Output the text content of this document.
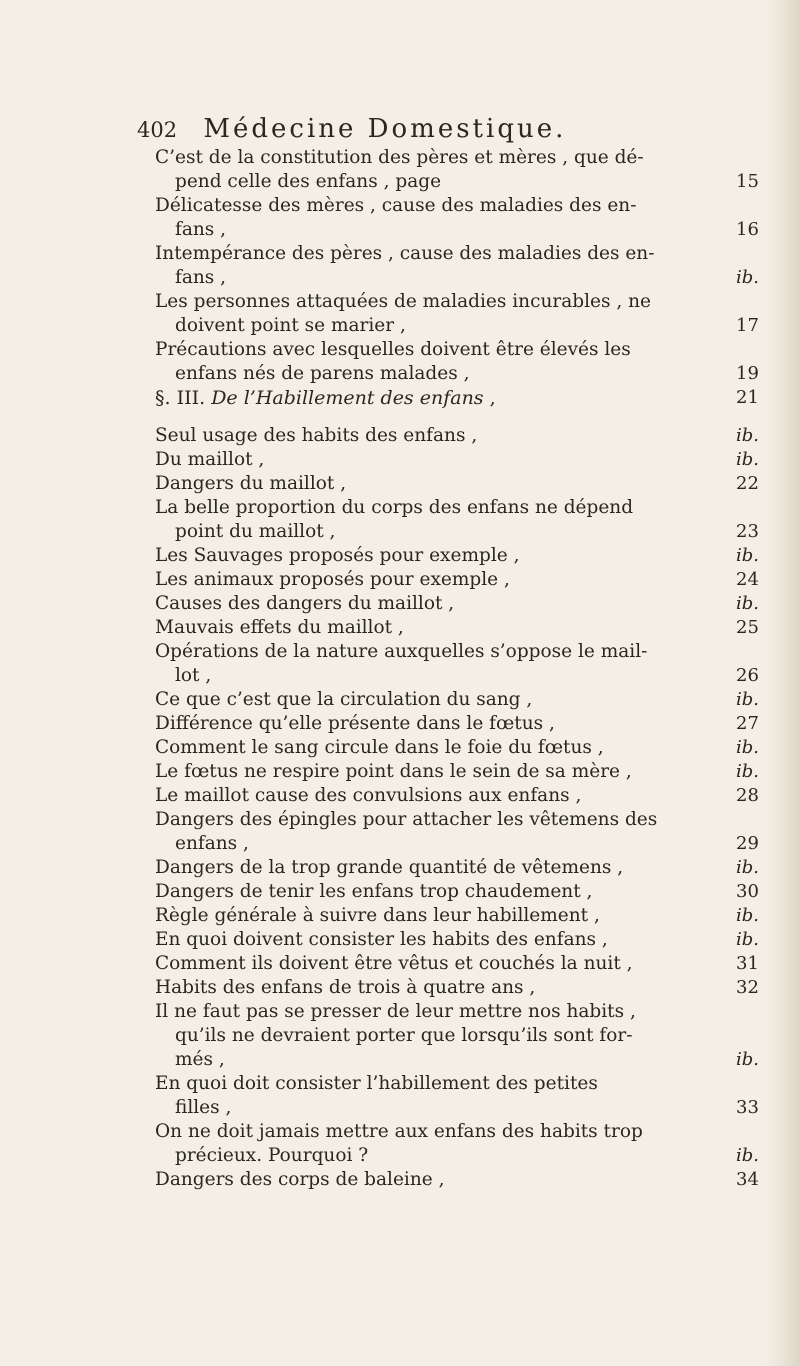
402 Médecine Domestique.
C’est de la constitution des pères et mères , que dé-
pend celle des enfans , page
Délicatesse des mères , cause des maladies des en-
fans ,
Intempérance des pères , cause des maladies des en-
fans ,
Les personnes attaquées de maladies incurables , ne
doivent point se marier ,
Précautions avec lesquelles doivent être élevés les
enfans nés de parens malades ,
§. III. De l’Habillement des enfans ,
Seul usage des habits des enfans ,
Du maillot ,
Dangers du maillot ,
La belle proportion du corps des enfans ne dépend
point du maillot ,
Les Sauvages proposés pour exemple ,
Les animaux proposés pour exemple ,
Causes des dangers du maillot ,
Mauvais effets du maillot ,
Opérations de la nature auxquelles s’oppose le mail-
lot ,
Ce que c’est que la circulation du sang ,
Différence qu’elle présente dans le fœtus ,
Comment le sang circule dans le foie du fœtus ,
Le fœtus ne respire point dans le sein de sa mère ,
Le maillot cause des convulsions aux enfans ,
Dangers des épingles pour attacher les vêtemens des
enfans ,
Dangers de la trop grande quantité de vêtemens ,
Dangers de tenir les enfans trop chaudement ,
Règle générale à suivre dans leur habillement ,
En quoi doivent consister les habits des enfans ,
Comment ils doivent être vêtus et couchés la nuit ,
Habits des enfans de trois à quatre ans ,
Il ne faut pas se presser de leur mettre nos habits ,
qu’ils ne devraient porter que lorsqu’ils sont for-
més ,
En quoi doit consister l’habillement des petites
filles ,
On ne doit jamais mettre aux enfans des habits trop
précieux. Pourquoi ?
Dangers des corps de baleine ,
15
16
ib.
17
19
21
ib.
ib.
22
23
ib.
24
ib.
25
26
ib.
27
ib.
ib.
28
29
ib.
30
ib.
ib.
31
32
ib.
33
ib.
34
